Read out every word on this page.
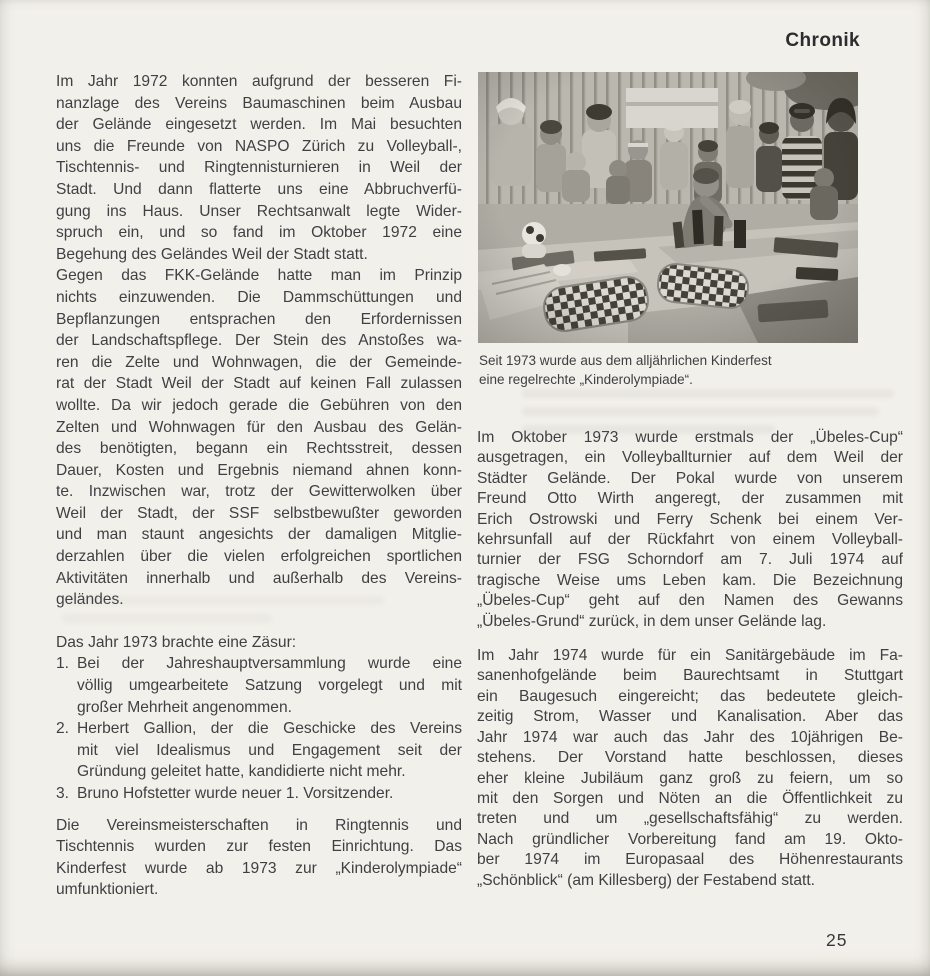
Chronik
Seit 1973 wurde aus dem alljährlichen Kinderfest
eine regelrechte „Kinderolympiade“.
Im Jahr 1972 konnten aufgrund der besseren Fi-
nanzlage des Vereins Baumaschinen beim Ausbau
der Gelände eingesetzt werden. Im Mai besuchten
uns die Freunde von NASPO Zürich zu Volleyball-,
Tischtennis- und Ringtennisturnieren in Weil der
Stadt. Und dann flatterte uns eine Abbruchverfü-
gung ins Haus. Unser Rechtsanwalt legte Wider-
spruch ein, und so fand im Oktober 1972 eine
Begehung des Geländes Weil der Stadt statt.
Gegen das FKK-Gelände hatte man im Prinzip
nichts einzuwenden. Die Dammschüttungen und
Bepflanzungen entsprachen den Erfordernissen
der Landschaftspflege. Der Stein des Anstoßes wa-
ren die Zelte und Wohnwagen, die der Gemeinde-
rat der Stadt Weil der Stadt auf keinen Fall zulassen
wollte. Da wir jedoch gerade die Gebühren von den
Zelten und Wohnwagen für den Ausbau des Gelän-
des benötigten, begann ein Rechtsstreit, dessen
Dauer, Kosten und Ergebnis niemand ahnen konn-
te. Inzwischen war, trotz der Gewitterwolken über
Weil der Stadt, der SSF selbstbewußter geworden
und man staunt angesichts der damaligen Mitglie-
derzahlen über die vielen erfolgreichen sportlichen
Aktivitäten innerhalb und außerhalb des Vereins-
geländes.
Das Jahr 1973 brachte eine Zäsur:
1. Bei der Jahreshauptversammlung wurde eine
völlig umgearbeitete Satzung vorgelegt und mit
großer Mehrheit angenommen.
2. Herbert Gallion, der die Geschicke des Vereins
mit viel Idealismus und Engagement seit der
Gründung geleitet hatte, kandidierte nicht mehr.
3. Bruno Hofstetter wurde neuer 1. Vorsitzender.
Die Vereinsmeisterschaften in Ringtennis und
Tischtennis wurden zur festen Einrichtung. Das
Kinderfest wurde ab 1973 zur „Kinderolympiade“
umfunktioniert.
Im Oktober 1973 wurde erstmals der „Übeles-Cup“
ausgetragen, ein Volleyballturnier auf dem Weil der
Städter Gelände. Der Pokal wurde von unserem
Freund Otto Wirth angeregt, der zusammen mit
Erich Ostrowski und Ferry Schenk bei einem Ver-
kehrsunfall auf der Rückfahrt von einem Volleyball-
turnier der FSG Schorndorf am 7. Juli 1974 auf
tragische Weise ums Leben kam. Die Bezeichnung
„Übeles-Cup“ geht auf den Namen des Gewanns
„Übeles-Grund“ zurück, in dem unser Gelände lag.
Im Jahr 1974 wurde für ein Sanitärgebäude im Fa-
sanenhofgelände beim Baurechtsamt in Stuttgart
ein Baugesuch eingereicht; das bedeutete gleich-
zeitig Strom, Wasser und Kanalisation. Aber das
Jahr 1974 war auch das Jahr des 10jährigen Be-
stehens. Der Vorstand hatte beschlossen, dieses
eher kleine Jubiläum ganz groß zu feiern, um so
mit den Sorgen und Nöten an die Öffentlichkeit zu
treten und um „gesellschaftsfähig“ zu werden.
Nach gründlicher Vorbereitung fand am 19. Okto-
ber 1974 im Europasaal des Höhenrestaurants
„Schönblick“ (am Killesberg) der Festabend statt.
25
